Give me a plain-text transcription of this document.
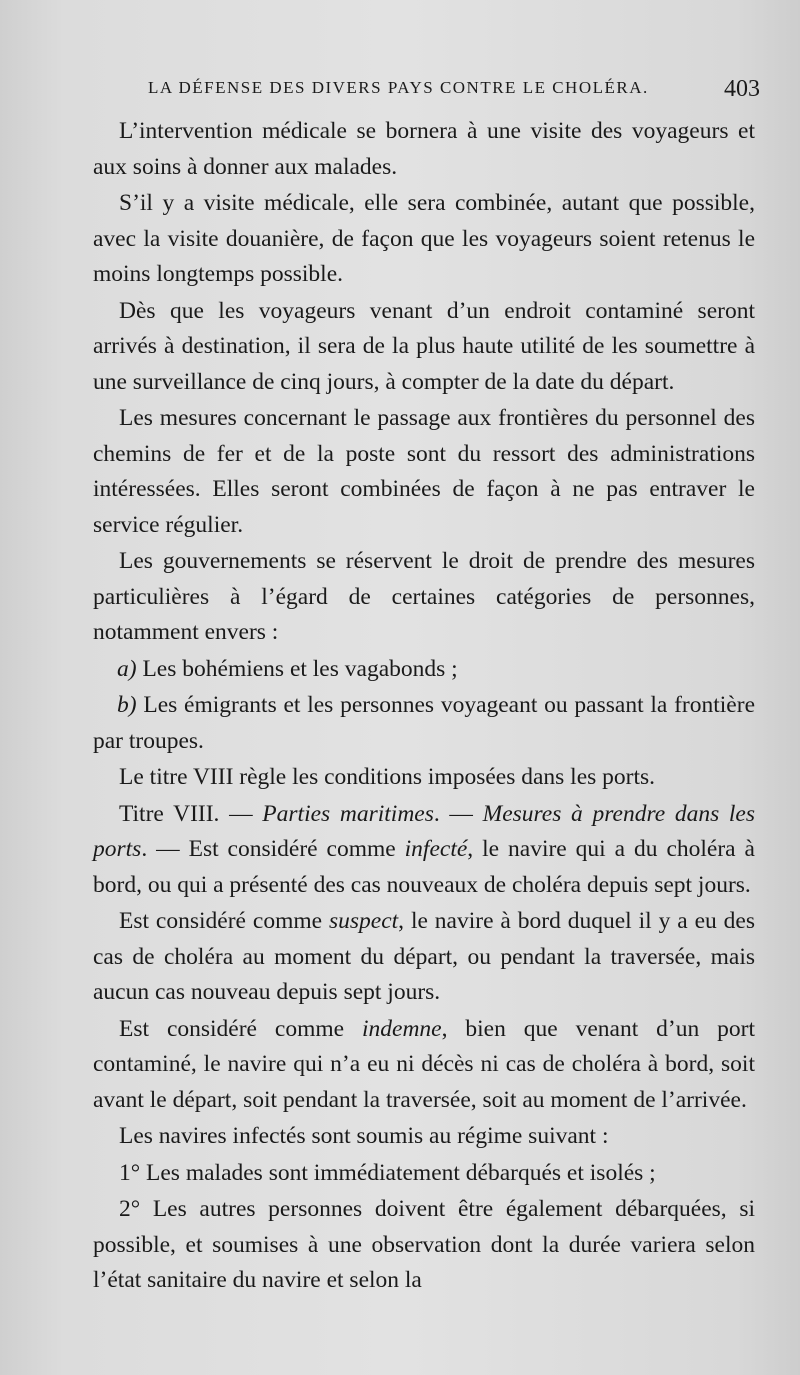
LA DÉFENSE DES DIVERS PAYS CONTRE LE CHOLÉRA.	403

L’intervention médicale se bornera à une visite des voyageurs et aux soins à donner aux malades.

S’il y a visite médicale, elle sera combinée, autant que possible, avec la visite douanière, de façon que les voyageurs soient retenus le moins longtemps possible.

Dès que les voyageurs venant d’un endroit contaminé seront arrivés à destination, il sera de la plus haute utilité de les soumettre à une surveillance de cinq jours, à compter de la date du départ.

Les mesures concernant le passage aux frontières du personnel des chemins de fer et de la poste sont du ressort des administrations intéressées. Elles seront combinées de façon à ne pas entraver le service régulier.

Les gouvernements se réservent le droit de prendre des mesures particulières à l’égard de certaines catégories de personnes, notamment envers :

a) Les bohémiens et les vagabonds ;

b) Les émigrants et les personnes voyageant ou passant la frontière par troupes.

Le titre VIII règle les conditions imposées dans les ports.

Titre VIII. — Parties maritimes. — Mesures à prendre dans les ports. — Est considéré comme infecté, le navire qui a du choléra à bord, ou qui a présenté des cas nouveaux de choléra depuis sept jours.

Est considéré comme suspect, le navire à bord duquel il y a eu des cas de choléra au moment du départ, ou pendant la traversée, mais aucun cas nouveau depuis sept jours.

Est considéré comme indemne, bien que venant d’un port contaminé, le navire qui n’a eu ni décès ni cas de choléra à bord, soit avant le départ, soit pendant la traversée, soit au moment de l’arrivée.

Les navires infectés sont soumis au régime suivant :

1° Les malades sont immédiatement débarqués et isolés ;

2° Les autres personnes doivent être également débarquées, si possible, et soumises à une observation dont la durée variera selon l’état sanitaire du navire et selon la
